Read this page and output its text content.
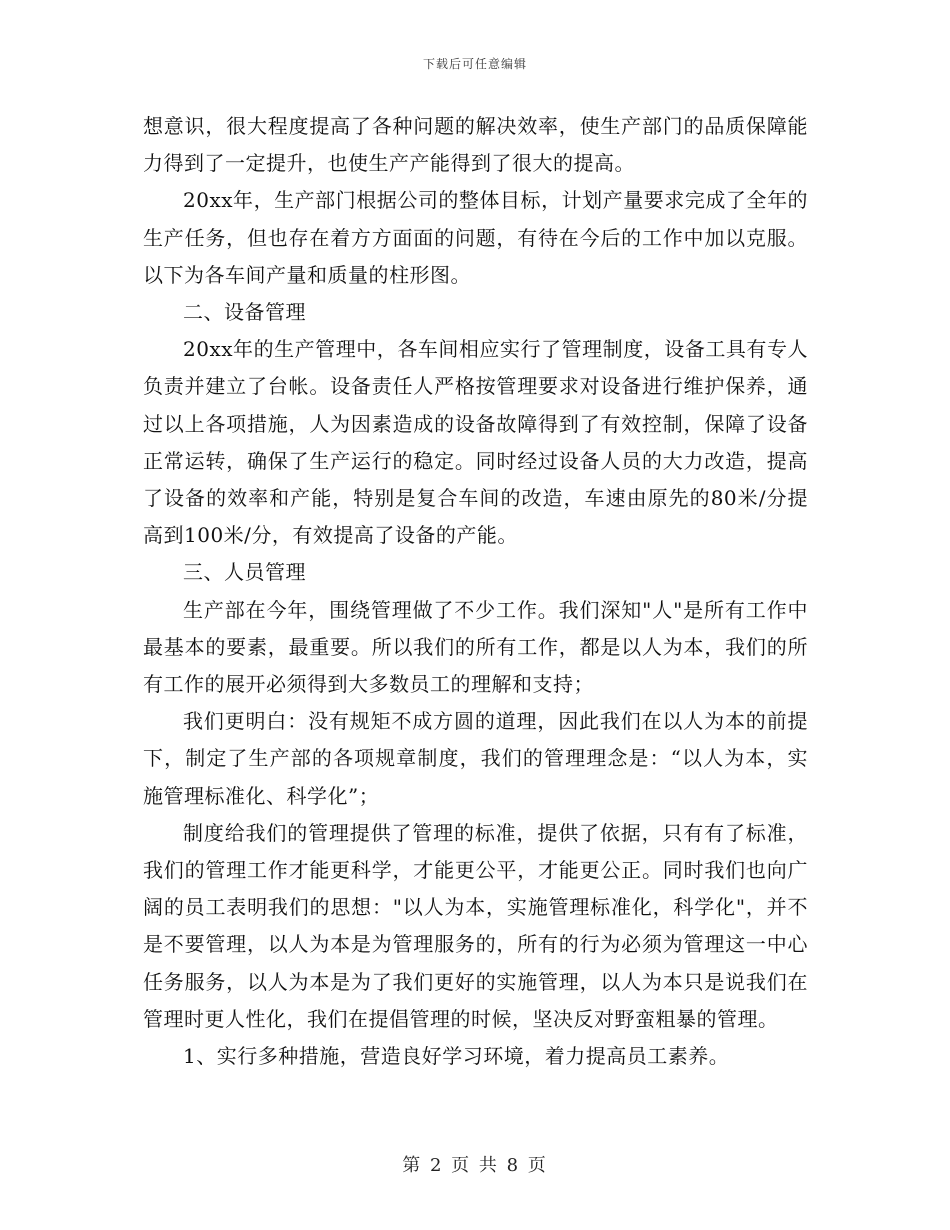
下载后可任意编辑

想意识，很大程度提高了各种问题的解决效率，使生产部门的品质保障能力得到了一定提升，也使生产产能得到了很大的提高。

20xx年，生产部门根据公司的整体目标，计划产量要求完成了全年的生产任务，但也存在着方方面面的问题，有待在今后的工作中加以克服。以下为各车间产量和质量的柱形图。

二、设备管理

20xx年的生产管理中，各车间相应实行了管理制度，设备工具有专人负责并建立了台帐。设备责任人严格按管理要求对设备进行维护保养，通过以上各项措施，人为因素造成的设备故障得到了有效控制，保障了设备正常运转，确保了生产运行的稳定。同时经过设备人员的大力改造，提高了设备的效率和产能，特别是复合车间的改造，车速由原先的80米/分提高到100米/分，有效提高了设备的产能。

三、人员管理

生产部在今年，围绕管理做了不少工作。我们深知"人"是所有工作中最基本的要素，最重要。所以我们的所有工作，都是以人为本，我们的所有工作的展开必须得到大多数员工的理解和支持；

我们更明白：没有规矩不成方圆的道理，因此我们在以人为本的前提下，制定了生产部的各项规章制度，我们的管理理念是：“以人为本，实施管理标准化、科学化”；

制度给我们的管理提供了管理的标准，提供了依据，只有有了标准，我们的管理工作才能更科学，才能更公平，才能更公正。同时我们也向广阔的员工表明我们的思想："以人为本，实施管理标准化，科学化"，并不是不要管理，以人为本是为管理服务的，所有的行为必须为管理这一中心任务服务，以人为本是为了我们更好的实施管理，以人为本只是说我们在管理时更人性化，我们在提倡管理的时候，坚决反对野蛮粗暴的管理。

1、实行多种措施，营造良好学习环境，着力提高员工素养。

第 2 页 共 8 页
